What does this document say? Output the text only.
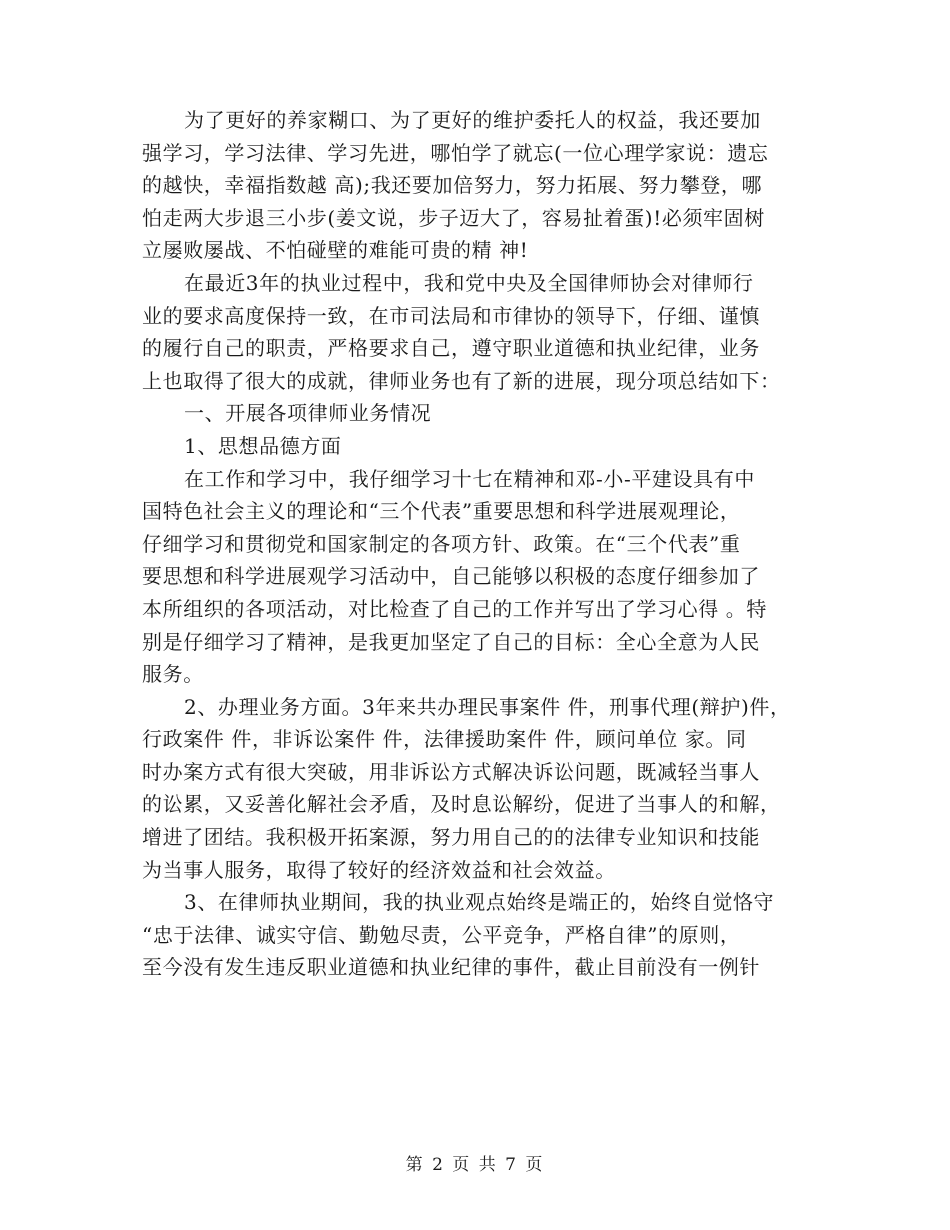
为了更好的养家糊口、为了更好的维护委托人的权益，我还要加
强学习，学习法律、学习先进，哪怕学了就忘(一位心理学家说：遗忘
的越快，幸福指数越 高);我还要加倍努力，努力拓展、努力攀登，哪
怕走两大步退三小步(姜文说，步子迈大了，容易扯着蛋)!必须牢固树
立屡败屡战、不怕碰壁的难能可贵的精 神!
在最近3年的执业过程中，我和党中央及全国律师协会对律师行
业的要求高度保持一致，在市司法局和市律协的领导下，仔细、谨慎
的履行自己的职责，严格要求自己，遵守职业道德和执业纪律，业务
上也取得了很大的成就，律师业务也有了新的进展，现分项总结如下：
一、开展各项律师业务情况
1、思想品德方面
在工作和学习中，我仔细学习十七在精神和邓-小-平建设具有中
国特色社会主义的理论和“三个代表”重要思想和科学进展观理论，
仔细学习和贯彻党和国家制定的各项方针、政策。在“三个代表”重
要思想和科学进展观学习活动中，自己能够以积极的态度仔细参加了
本所组织的各项活动，对比检查了自己的工作并写出了学习心得 。特
别是仔细学习了精神，是我更加坚定了自己的目标：全心全意为人民
服务。
2、办理业务方面。3年来共办理民事案件 件，刑事代理(辩护)件，
行政案件 件，非诉讼案件 件，法律援助案件 件，顾问单位 家。同
时办案方式有很大突破，用非诉讼方式解决诉讼问题，既减轻当事人
的讼累，又妥善化解社会矛盾，及时息讼解纷，促进了当事人的和解，
增进了团结。我积极开拓案源，努力用自己的的法律专业知识和技能
为当事人服务，取得了较好的经济效益和社会效益。
3、在律师执业期间，我的执业观点始终是端正的，始终自觉恪守
“忠于法律、诚实守信、勤勉尽责，公平竞争，严格自律”的原则，
至今没有发生违反职业道德和执业纪律的事件，截止目前没有一例针
第 2 页 共 7 页
